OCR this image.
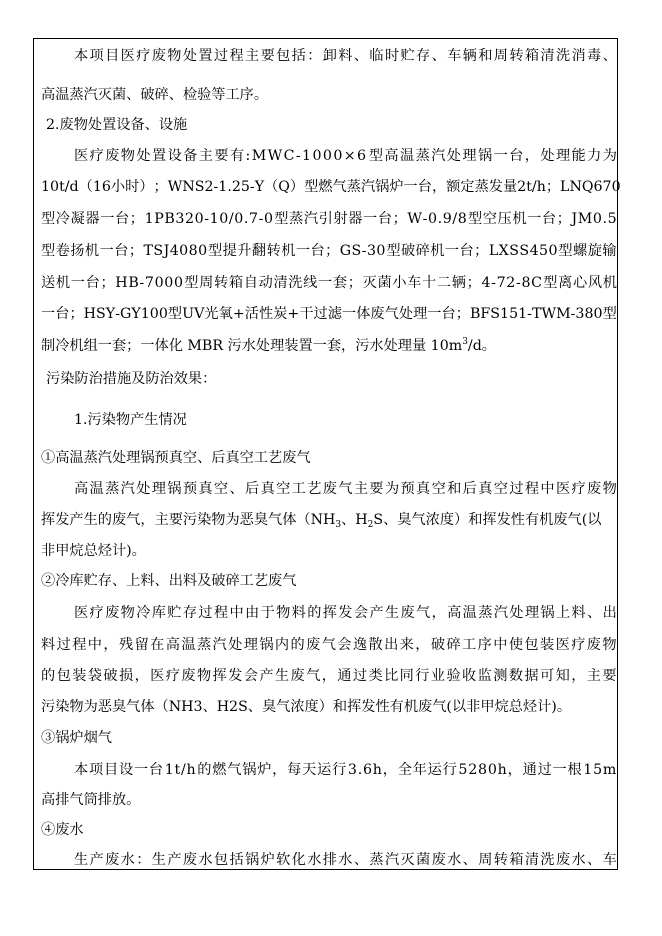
本 项 目 医 疗 废 物 处 置 过 程 主 要 包 括 ： 卸 料 、 临 时 贮 存 、 车 辆 和 周 转 箱 清 洗 消 毒 、
高温蒸汽灭菌、破碎、检验等工序。
2.废物处置设备、设施
医 疗 废 物 处 置 设 备 主 要 有 : M W C - 1 0 0 0 × 6 型 高 温 蒸 汽 处 理 锅 一 台 ， 处 理 能 力 为
1 0 t / d （ 1 6 小 时 ） ； W N S 2 - 1 . 2 5 - Y （ Q ） 型 燃 气 蒸 汽 锅 炉 一 台 ， 额 定 蒸 发 量 2 t / h ； L N Q 6 7 0
型 冷 凝 器 一 台 ； 1 P B 3 2 0 - 1 0 / 0 . 7 - 0 型 蒸 汽 引 射 器 一 台 ； W - 0 . 9 / 8 型 空 压 机 一 台 ； J M 0 . 5
型 卷 扬 机 一 台 ； T S J 4 0 8 0 型 提 升 翻 转 机 一 台 ； G S - 3 0 型 破 碎 机 一 台 ； L X S S 4 5 0 型 螺 旋 输
送 机 一 台 ； H B - 7 0 0 0 型 周 转 箱 自 动 清 洗 线 一 套 ； 灭 菌 小 车 十 二 辆 ； 4 - 7 2 - 8 C 型 离 心 风 机
一 台 ； H S Y - G Y 1 0 0 型 U V 光 氧 + 活 性 炭 + 干 过 滤 一 体 废 气 处 理 一 台 ； B F S 1 5 1 - T W M - 3 8 0 型
制冷机组一套；一体化 MBR 污水处理装置一套，污水处理量 $10m^3/d$。
污染防治措施及防治效果：
1.污染物产生情况
①高温蒸汽处理锅预真空、后真空工艺废气
高 温 蒸 汽 处 理 锅 预 真 空 、 后 真 空 工 艺 废 气 主 要 为 预 真 空 和 后 真 空 过 程 中 医 疗 废 物
挥发产生的废气，主要污染物为恶臭气体（$NH_3$、$H_2S$、臭气浓度）和挥发性有机废气(以
非甲烷总烃计)。
②冷库贮存、上料、出料及破碎工艺废气
医 疗 废 物 冷 库 贮 存 过 程 中 由 于 物 料 的 挥 发 会 产 生 废 气 ， 高 温 蒸 汽 处 理 锅 上 料 、 出
料 过 程 中 ， 残 留 在 高 温 蒸 汽 处 理 锅 内 的 废 气 会 逸 散 出 来 ， 破 碎 工 序 中 使 包 装 医 疗 废 物
的 包 装 袋 破 损 ， 医 疗 废 物 挥 发 会 产 生 废 气 ， 通 过 类 比 同 行 业 验 收 监 测 数 据 可 知 ， 主 要
污染物为恶臭气体（NH3、H2S、臭气浓度）和挥发性有机废气(以非甲烷总烃计)。
③锅炉烟气
本 项 目 设 一 台 1 t / h 的 燃 气 锅 炉 ， 每 天 运 行 3 . 6 h ， 全 年 运 行 5 2 8 0 h ， 通 过 一 根 1 5 m
高排气筒排放。
④废水
生 产 废 水 ： 生 产 废 水 包 括 锅 炉 软 化 水 排 水 、 蒸 汽 灭 菌 废 水 、 周 转 箱 清 洗 废 水 、 车
